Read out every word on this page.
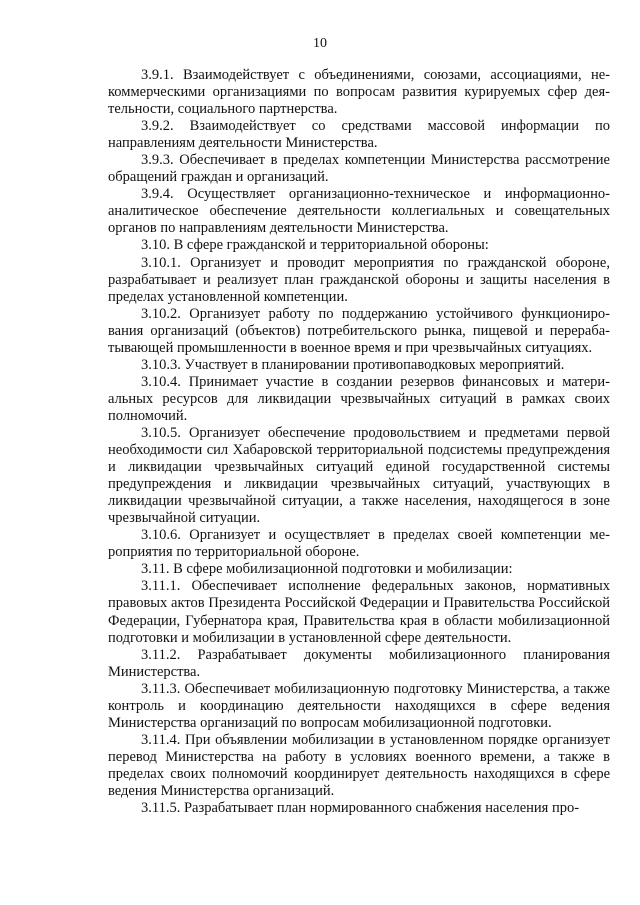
10

3.9.1. Взаимодействует с объединениями, союзами, ассоциациями, некоммерческими организациями по вопросам развития курируемых сфер деятельности, социального партнерства.

3.9.2. Взаимодействует со средствами массовой информации по направлениям деятельности Министерства.

3.9.3. Обеспечивает в пределах компетенции Министерства рассмотрение обращений граждан и организаций.

3.9.4. Осуществляет организационно-техническое и информационно-аналитическое обеспечение деятельности коллегиальных и совещательных органов по направлениям деятельности Министерства.

3.10. В сфере гражданской и территориальной обороны:

3.10.1. Организует и проводит мероприятия по гражданской обороне, разрабатывает и реализует план гражданской обороны и защиты населения в пределах установленной компетенции.

3.10.2. Организует работу по поддержанию устойчивого функционирования организаций (объектов) потребительского рынка, пищевой и перерабатывающей промышленности в военное время и при чрезвычайных ситуациях.

3.10.3. Участвует в планировании противопаводковых мероприятий.

3.10.4. Принимает участие в создании резервов финансовых и материальных ресурсов для ликвидации чрезвычайных ситуаций в рамках своих полномочий.

3.10.5. Организует обеспечение продовольствием и предметами первой необходимости сил Хабаровской территориальной подсистемы предупреждения и ликвидации чрезвычайных ситуаций единой государственной системы предупреждения и ликвидации чрезвычайных ситуаций, участвующих в ликвидации чрезвычайной ситуации, а также населения, находящегося в зоне чрезвычайной ситуации.

3.10.6. Организует и осуществляет в пределах своей компетенции мероприятия по территориальной обороне.

3.11. В сфере мобилизационной подготовки и мобилизации:

3.11.1. Обеспечивает исполнение федеральных законов, нормативных правовых актов Президента Российской Федерации и Правительства Российской Федерации, Губернатора края, Правительства края в области мобилизационной подготовки и мобилизации в установленной сфере деятельности.

3.11.2. Разрабатывает документы мобилизационного планирования Министерства.

3.11.3. Обеспечивает мобилизационную подготовку Министерства, а также контроль и координацию деятельности находящихся в сфере ведения Министерства организаций по вопросам мобилизационной подготовки.

3.11.4. При объявлении мобилизации в установленном порядке организует перевод Министерства на работу в условиях военного времени, а также в пределах своих полномочий координирует деятельность находящихся в сфере ведения Министерства организаций.

3.11.5. Разрабатывает план нормированного снабжения населения про-
